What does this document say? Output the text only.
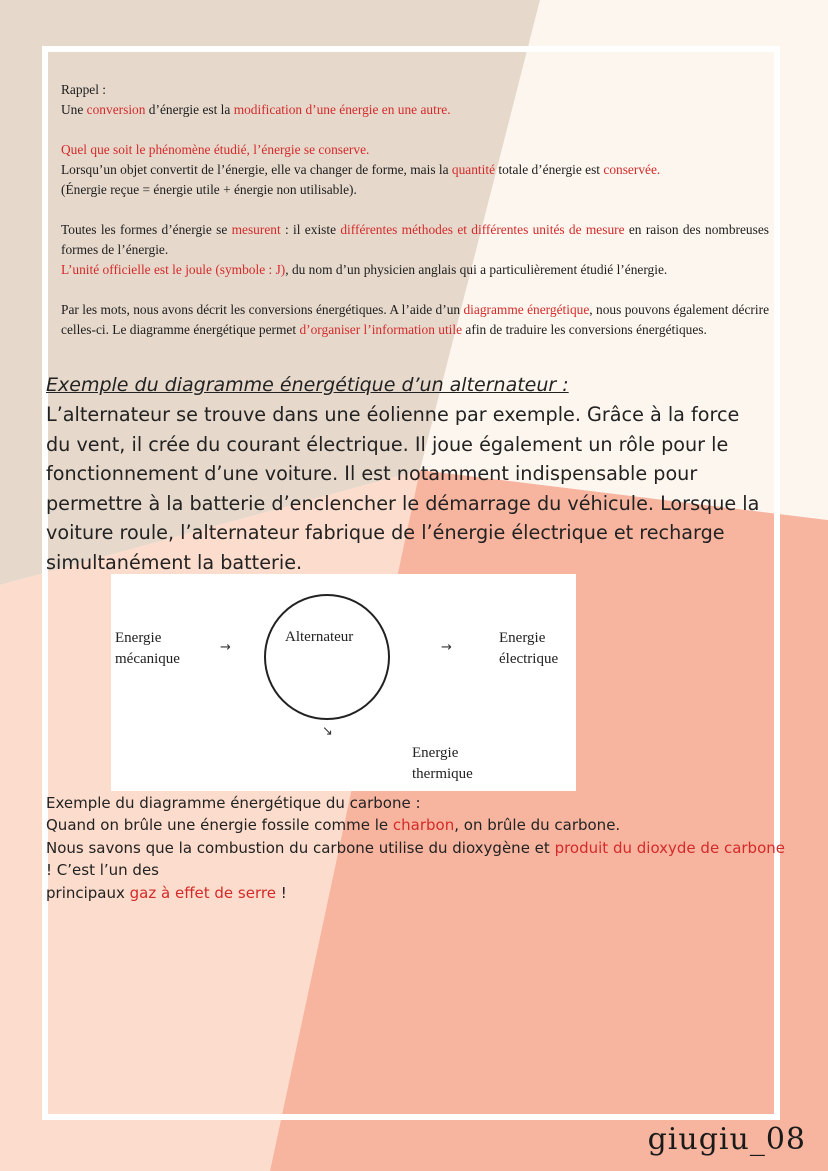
Rappel :
Une conversion d’énergie est la modification d’une énergie en une autre.
Quel que soit le phénomène étudié, l’énergie se conserve.
Lorsqu’un objet convertit de l’énergie, elle va changer de forme, mais la quantité totale d’énergie est conservée.
(Énergie reçue = énergie utile + énergie non utilisable).
Toutes les formes d’énergie se mesurent : il existe différentes méthodes et différentes unités de mesure en raison des nombreuses formes de l’énergie.
L’unité officielle est le joule (symbole : J), du nom d’un physicien anglais qui a particulièrement étudié l’énergie.
Par les mots, nous avons décrit les conversions énergétiques. A l’aide d’un diagramme énergétique, nous pouvons également décrire celles-ci. Le diagramme énergétique permet d’organiser l’information utile afin de traduire les conversions énergétiques.
Exemple du diagramme énergétique d’un alternateur :
L’alternateur se trouve dans une éolienne par exemple. Grâce à la force du vent, il crée du courant électrique. Il joue également un rôle pour le fonctionnement d’une voiture. Il est notamment indispensable pour permettre à la batterie d’enclencher le démarrage du véhicule. Lorsque la voiture roule, l’alternateur fabrique de l’énergie électrique et recharge simultanément la batterie.
Energie
mécanique
→
Alternateur
→
Energie
électrique
↘
Energie
thermique
Exemple du diagramme énergétique du carbone :
Quand on brûle une énergie fossile comme le charbon, on brûle du carbone.
Nous savons que la combustion du carbone utilise du dioxygène et produit du dioxyde de carbone ! C’est l’un des
principaux gaz à effet de serre !
giugiu_08
